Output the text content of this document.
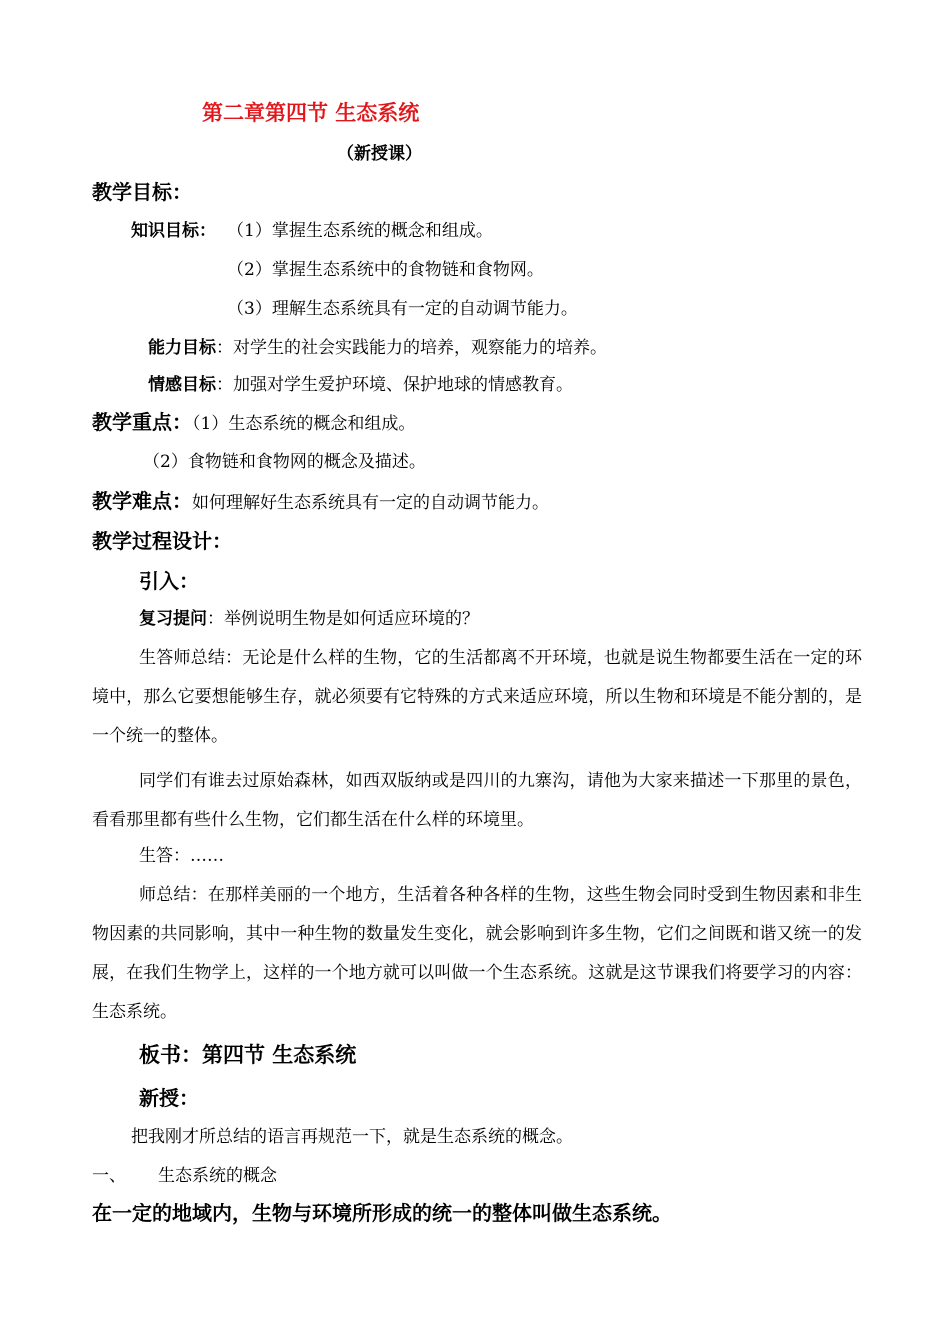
第二章第四节 生态系统
（新授课）
教学目标：
知识目标： （1）掌握生态系统的概念和组成。
（2）掌握生态系统中的食物链和食物网。
（3）理解生态系统具有一定的自动调节能力。
能力目标：对学生的社会实践能力的培养，观察能力的培养。
情感目标：加强对学生爱护环境、保护地球的情感教育。
教学重点：（1）生态系统的概念和组成。
（2）食物链和食物网的概念及描述。
教学难点：如何理解好生态系统具有一定的自动调节能力。
教学过程设计：
引入：
复习提问：举例说明生物是如何适应环境的？
生答师总结：无论是什么样的生物，它的生活都离不开环境，也就是说生物都要生活在一定的环境中，那么它要想能够生存，就必须要有它特殊的方式来适应环境，所以生物和环境是不能分割的，是一个统一的整体。
同学们有谁去过原始森林，如西双版纳或是四川的九寨沟，请他为大家来描述一下那里的景色，看看那里都有些什么生物，它们都生活在什么样的环境里。
生答：……
师总结：在那样美丽的一个地方，生活着各种各样的生物，这些生物会同时受到生物因素和非生物因素的共同影响，其中一种生物的数量发生变化，就会影响到许多生物，它们之间既和谐又统一的发展，在我们生物学上，这样的一个地方就可以叫做一个生态系统。这就是这节课我们将要学习的内容：生态系统。
板书：第四节 生态系统
新授：
把我刚才所总结的语言再规范一下，就是生态系统的概念。
一、 生态系统的概念
在一定的地域内，生物与环境所形成的统一的整体叫做生态系统。
